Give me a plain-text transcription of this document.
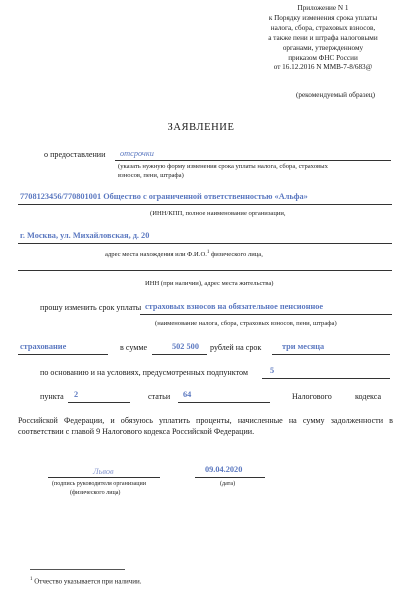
Приложение N 1
к Порядку изменения срока уплаты
налога, сбора, страховых взносов,
а также пени и штрафа налоговыми
органами, утвержденному
приказом ФНС России
от 16.12.2016 N ММВ-7-8/683@
(рекомендуемый образец)
ЗАЯВЛЕНИЕ
о предоставлении отсрочки
(указать нужную форму изменения срока уплаты налога, сбора, страховых
взносов, пени, штрафа)
7708123456/770801001 Общество с ограниченной ответственностью «Альфа»
(ИНН/КПП, полное наименование организации,
г. Москва, ул. Михайловская, д. 20
адрес места нахождения или Ф.И.О.$^1$ физического лица,
ИНН (при наличии), адрес места жительства)
прошу изменить срок уплаты страховых взносов на обязательное пенсионное
(наименование налога, сбора, страховых взносов, пени, штрафа)
страхование	в сумме	502 500 рублей на срок три месяца
по основанию и на условиях, предусмотренных подпунктом	5
пункта 2	статьи 64	Налогового	кодекса
Российской Федерации, и обязуюсь уплатить проценты, начисленные на сумму задолженности в соответствии с главой 9 Налогового кодекса Российской Федерации.
Львов
(подпись руководителя организации
(физического лица)
09.04.2020
(дата)
$^1$ Отчество указывается при наличии.
